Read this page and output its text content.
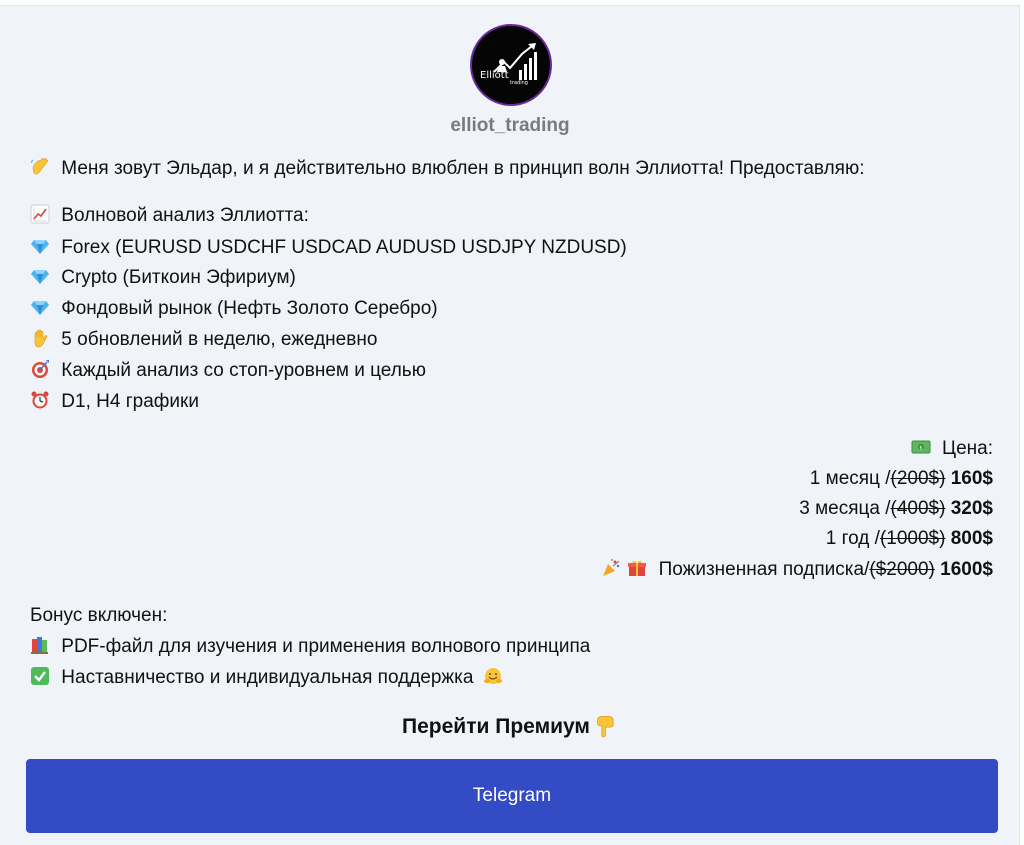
Elliott
trading
elliot_trading
Меня зовут Эльдар, и я действительно влюблен в принцип волн Эллиотта! Предоставляю:
Волновой анализ Эллиотта:
Forex (EURUSD USDCHF USDCAD AUDUSD USDJPY NZDUSD)
Crypto (Биткоин Эфириум)
Фондовый рынок (Нефть Золото Серебро)
5 обновлений в неделю, ежедневно
Каждый анализ со стоп-уровнем и целью
D1, H4 графики
$ Цена:
1 месяц /(200$) 160$
3 месяца /(400$) 320$
1 год /(1000$) 800$
Пожизненная подписка/($2000) 1600$
Бонус включен:
PDF-файл для изучения и применения волнового принципа
Наставничество и индивидуальная поддержка
Перейти Премиум
Telegram
